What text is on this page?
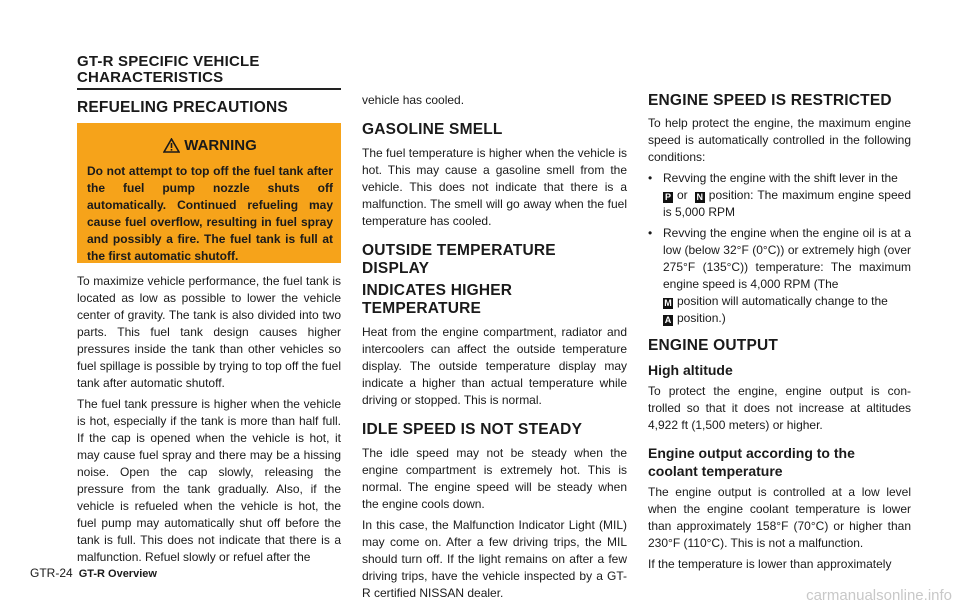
GT-R SPECIFIC VEHICLE
CHARACTERISTICS
REFUELING PRECAUTIONS
WARNING
Do not attempt to top off the fuel tank after the fuel pump nozzle shuts off automatically. Continued refueling may cause fuel overflow, resulting in fuel spray and possibly a fire. The fuel tank is full at the first automatic shutoff.

To maximize vehicle performance, the fuel tank is located as low as possible to lower the vehicle center of gravity. The tank is also divided into two parts. This fuel tank design causes higher pressures inside the tank than other vehicles so fuel spillage is possible by trying to top off the fuel tank after automatic shutoff.

The fuel tank pressure is higher when the vehicle is hot, especially if the tank is more than half full. If the cap is opened when the vehicle is hot, it may cause fuel spray and there may be a hissing noise. Open the cap slowly, releasing the pressure from the tank gradually. Also, if the vehicle is refueled when the vehicle is hot, the fuel pump may automatically shut off before the tank is full. This does not indicate that there is a malfunction. Refuel slowly or refuel after the

vehicle has cooled.

GASOLINE SMELL

The fuel temperature is higher when the vehicle is hot. This may cause a gasoline smell from the vehicle. This does not indicate that there is a malfunction. The smell will go away when the fuel temperature has cooled.

OUTSIDE TEMPERATURE DISPLAY
INDICATES HIGHER TEMPERATURE

Heat from the engine compartment, radiator and intercoolers can affect the outside temperature display. The outside temperature display may indicate a higher than actual temperature while driving or stopped. This is normal.

IDLE SPEED IS NOT STEADY

The idle speed may not be steady when the engine compartment is extremely hot. This is normal. The engine speed will be steady when the engine cools down.

In this case, the Malfunction Indicator Light (MIL) may come on. After a few driving trips, the MIL should turn off. If the light remains on after a few driving trips, have the vehicle inspected by a GT-R certified NISSAN dealer.

ENGINE SPEED IS RESTRICTED

To help protect the engine, the maximum engine speed is automatically controlled in the following conditions:

• Revving the engine with the shift lever in the
P or N position: The maximum engine speed is 5,000 RPM
• Revving the engine when the engine oil is at a low (below 32°F (0°C)) or extremely high (over 275°F (135°C)) temperature: The maximum engine speed is 4,000 RPM (The
M position will automatically change to the
A position.)
ENGINE OUTPUT
High altitude

To protect the engine, engine output is con- trolled so that it does not increase at altitudes 4,922 ft (1,500 meters) or higher.

Engine output according to the
coolant temperature

The engine output is controlled at a low level when the engine coolant temperature is lower than approximately 158°F (70°C) or higher than 230°F (110°C). This is not a malfunction.

If the temperature is lower than approximately

GTR-24 GT-R Overview
carmanualsonline.info
